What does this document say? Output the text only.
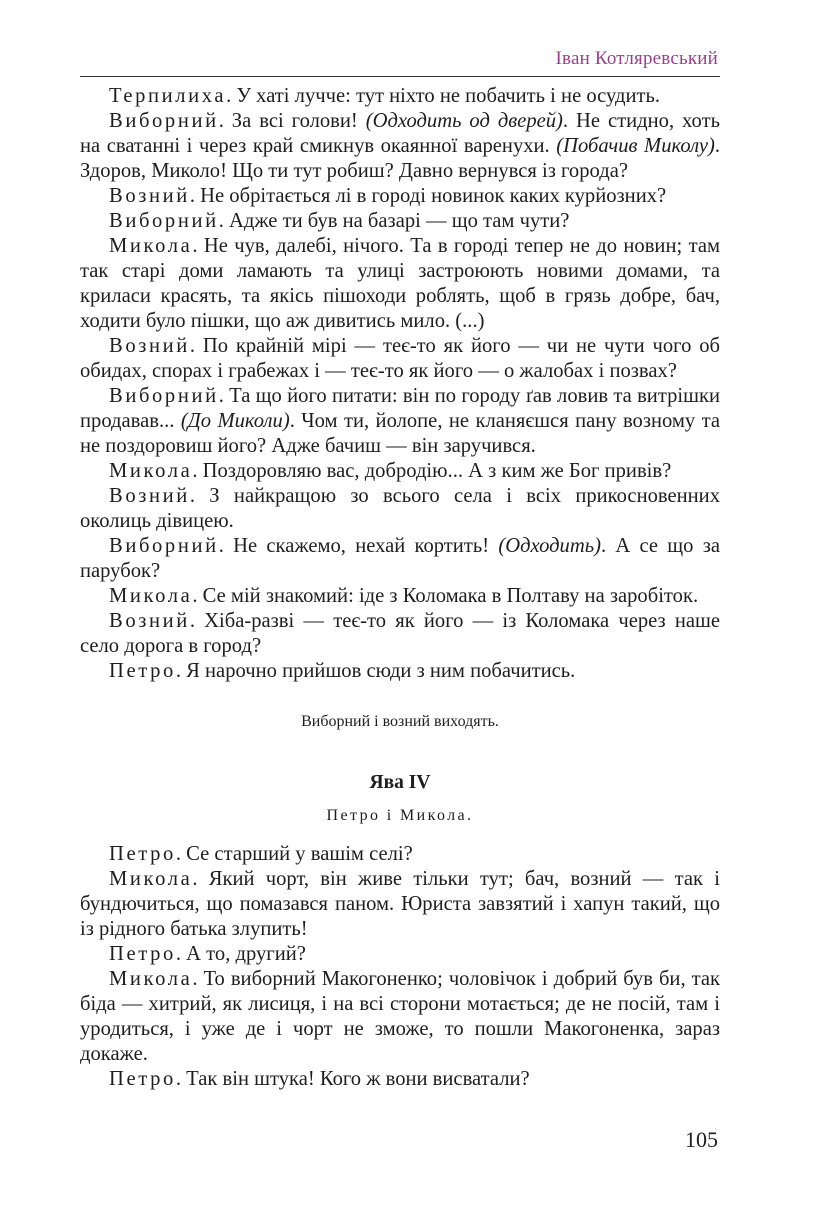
Іван Котляревський

Терпилиха. У хаті лучче: тут ніхто не побачить і не осудить.

Виборний. За всі голови! (Одходить од дверей). Не стидно, хоть на сватанні і через край смикнув окаянної варенухи. (Побачив Миколу). Здоров, Миколо! Що ти тут робиш? Давно вернувся із города?

Возний. Не обрітається лі в городі новинок каких курйозних?

Виборний. Адже ти був на базарі — що там чути?

Микола. Не чув, далебі, нічого. Та в городі тепер не до новин; там так старі доми ламають та улиці застроюють новими домами, та криласи красять, та якісь пішоходи роблять, щоб в грязь добре, бач, ходити було пішки, що аж дивитись мило. (...)

Возний. По крайній мірі — теє-то як його — чи не чути чого об обидах, спорах і грабежах і — теє-то як його — о жалобах і позвах?

Виборний. Та що його питати: він по городу ґав ловив та витрішки продавав... (До Миколи). Чом ти, йолопе, не кланяєшся пану возному та не поздоровиш його? Адже бачиш — він заручився.

Микола. Поздоровляю вас, добродію... А з ким же Бог привів?

Возний. З найкращою зо всього села і всіх прикосновенних околиць дівицею.

Виборний. Не скажемо, нехай кортить! (Одходить). А се що за парубок?

Микола. Се мій знакомий: іде з Коломака в Полтаву на заробіток.

Возний. Хіба-разві — теє-то як його — із Коломака через наше село дорога в город?

Петро. Я нарочно прийшов сюди з ним побачитись.

Виборний і возний виходять.
Ява IV
Петро і Микола.

Петро. Се старший у вашім селі?

Микола. Який чорт, він живе тільки тут; бач, возний — так і бундючиться, що помазався паном. Юриста завзятий і хапун такий, що із рідного батька злупить!

Петро. А то, другий?

Микола. То виборний Макогоненко; чоловічок і добрий був би, так біда — хитрий, як лисиця, і на всі сторони мотається; де не посій, там і уродиться, і уже де і чорт не зможе, то пошли Макогоненка, зараз докаже.

Петро. Так він штука! Кого ж вони висватали?

105
